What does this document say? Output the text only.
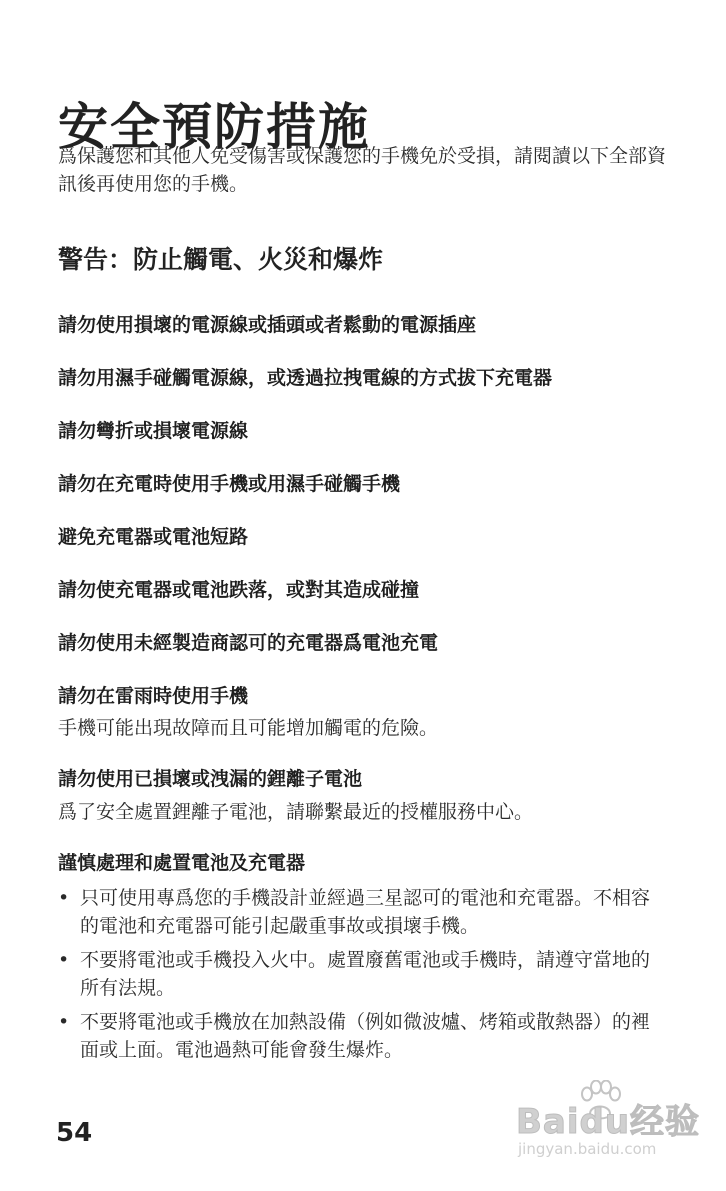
安全預防措施

爲保護您和其他人免受傷害或保護您的手機免於受損，請閱讀以下全部資訊後再使用您的手機。

警告：防止觸電、火災和爆炸
請勿使用損壞的電源線或插頭或者鬆動的電源插座
請勿用濕手碰觸電源線，或透過拉拽電線的方式拔下充電器
請勿彎折或損壞電源線
請勿在充電時使用手機或用濕手碰觸手機
避免充電器或電池短路
請勿使充電器或電池跌落，或對其造成碰撞
請勿使用未經製造商認可的充電器爲電池充電
請勿在雷雨時使用手機
手機可能出現故障而且可能增加觸電的危險。
請勿使用已損壞或洩漏的鋰離子電池
爲了安全處置鋰離子電池，請聯繫最近的授權服務中心。
謹慎處理和處置電池及充電器
• 只可使用專爲您的手機設計並經過三星認可的電池和充電器。不相容的電池和充電器可能引起嚴重事故或損壞手機。
• 不要將電池或手機投入火中。處置廢舊電池或手機時，請遵守當地的所有法規。
• 不要將電池或手機放在加熱設備（例如微波爐、烤箱或散熱器）的裡面或上面。電池過熱可能會發生爆炸。
54	Baidu经验
jingyan.baidu.com
